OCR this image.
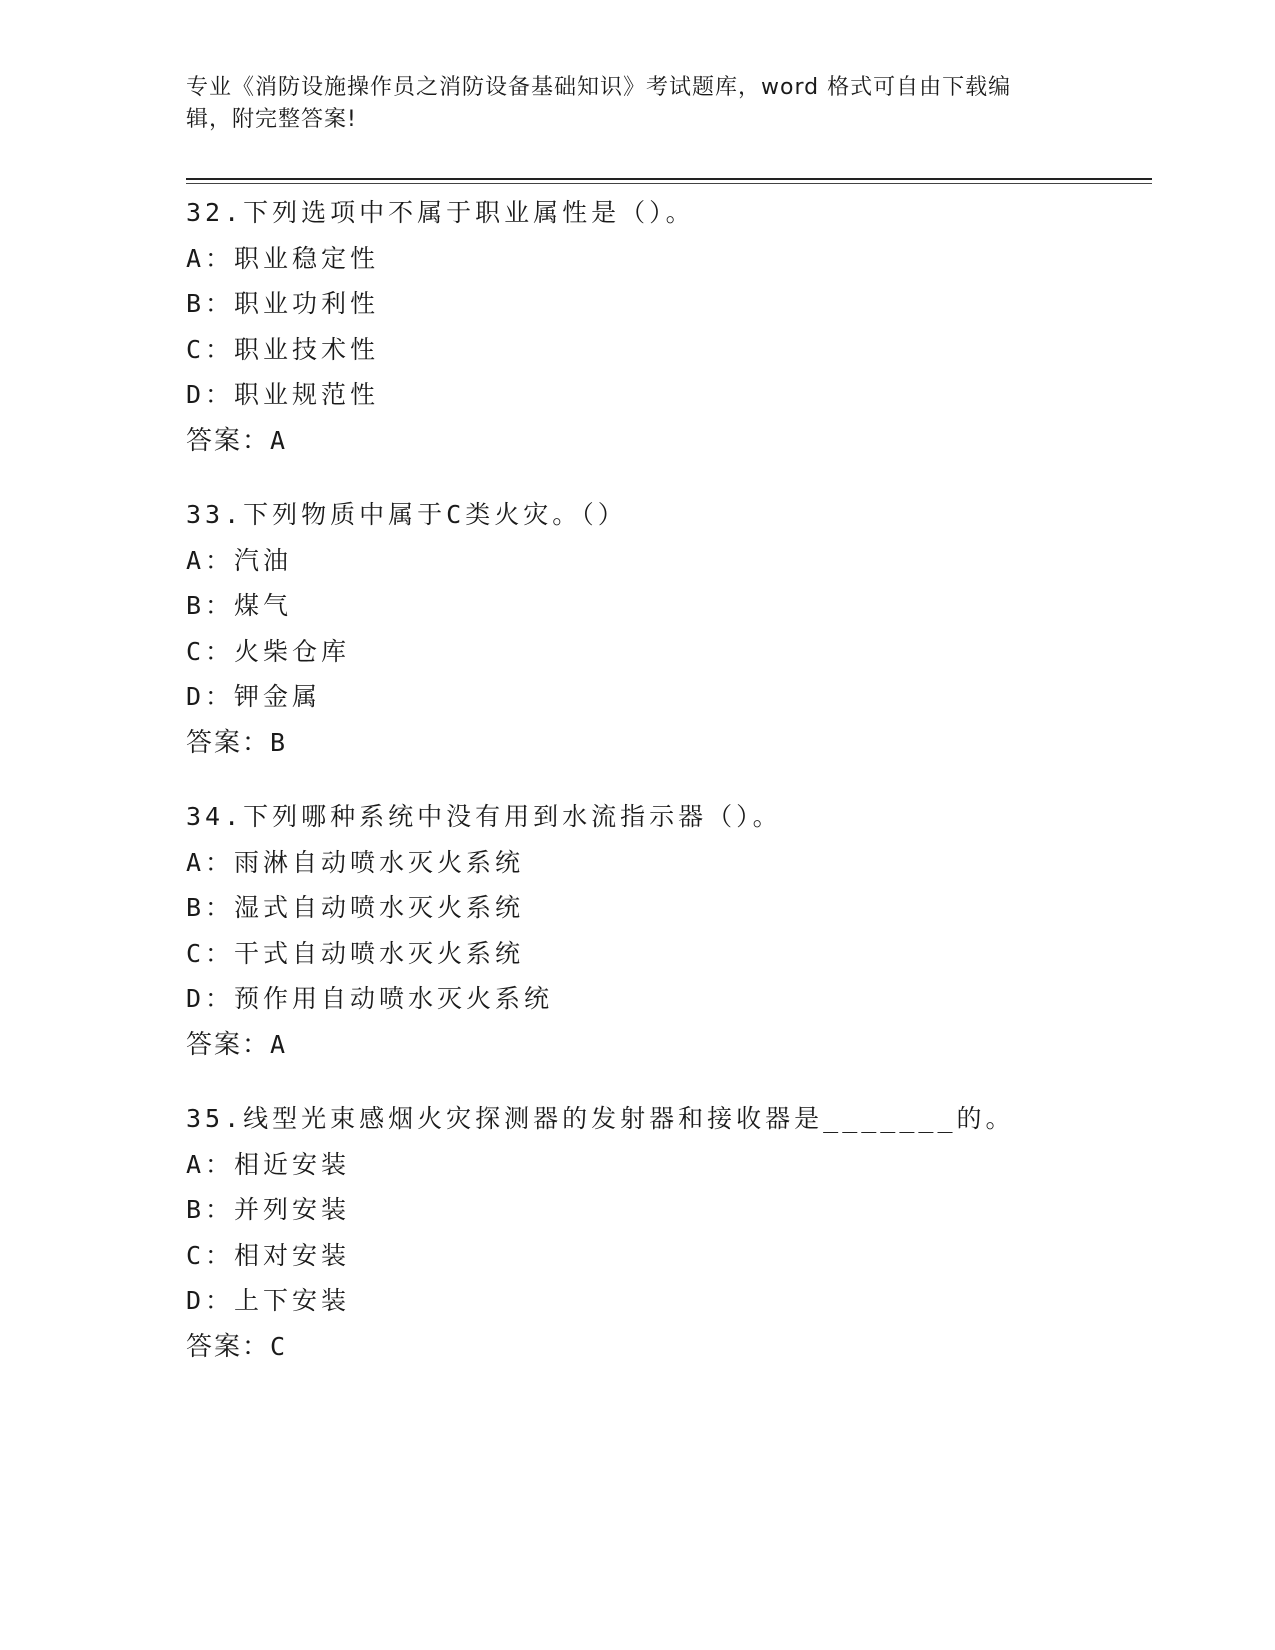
专业《消防设施操作员之消防设备基础知识》考试题库，word 格式可自由下载编
辑，附完整答案!
32.下列选项中不属于职业属性是（）。
A：职业稳定性
B：职业功利性
C：职业技术性
D：职业规范性
答案：A
33.下列物质中属于C类火灾。（）
A：汽油
B：煤气
C：火柴仓库
D：钾金属
答案：B
34.下列哪种系统中没有用到水流指示器（）。
A：雨淋自动喷水灭火系统
B：湿式自动喷水灭火系统
C：干式自动喷水灭火系统
D：预作用自动喷水灭火系统
答案：A
35.线型光束感烟火灾探测器的发射器和接收器是_______的。
A：相近安装
B：并列安装
C：相对安装
D：上下安装
答案：C
